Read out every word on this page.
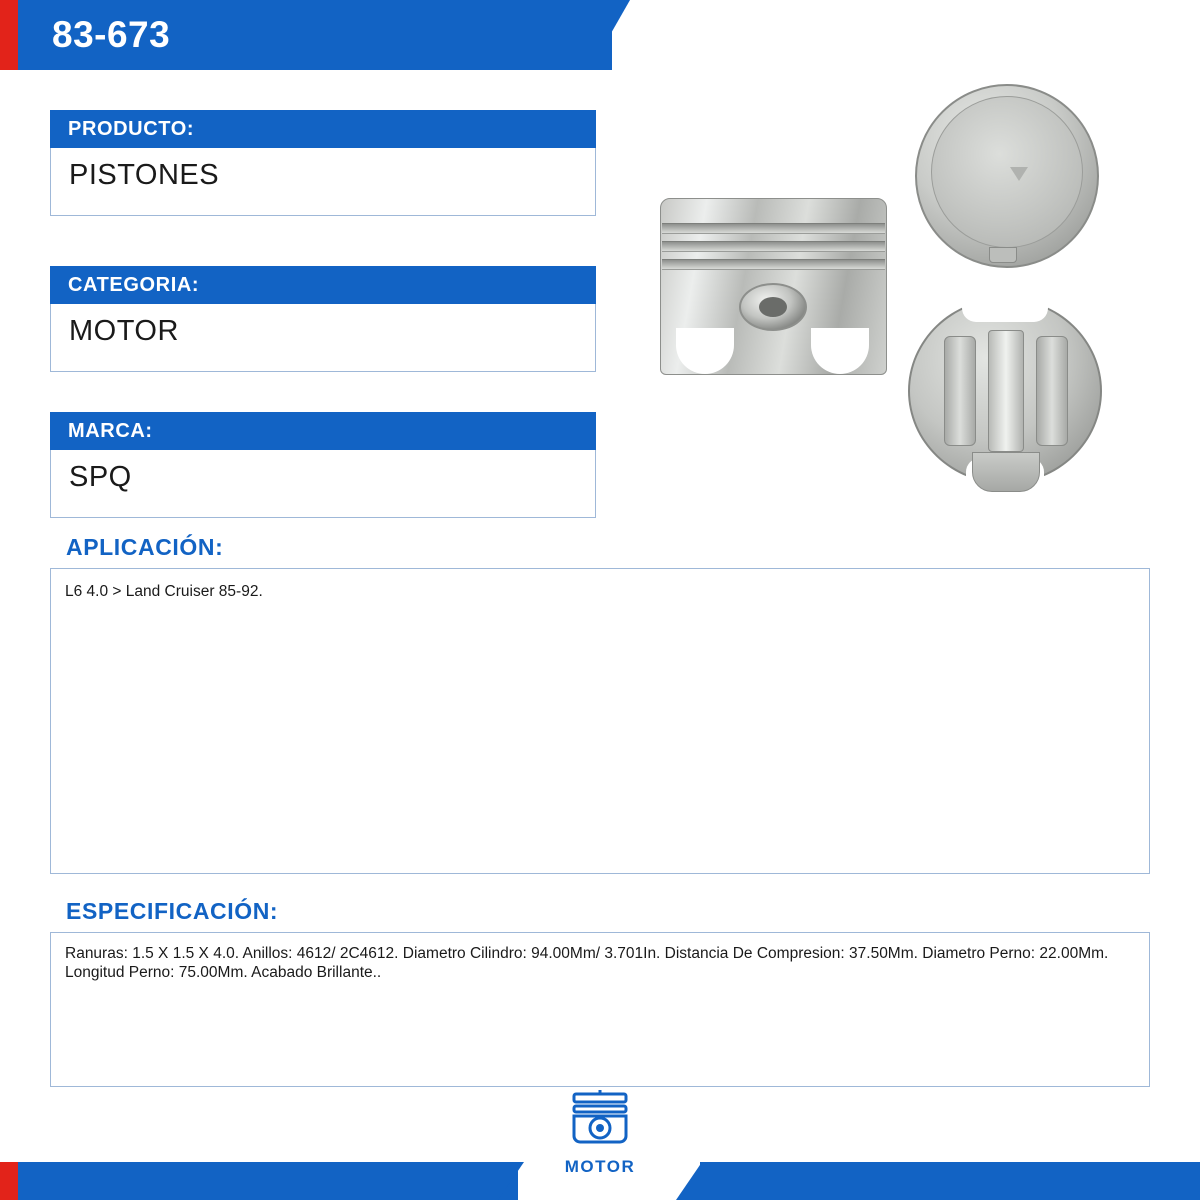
83-673
PRODUCTO:
PISTONES
CATEGORIA:
MOTOR
MARCA:
SPQ
APLICACIÓN:
L6 4.0 > Land Cruiser 85-92.
ESPECIFICACIÓN:
Ranuras: 1.5 X 1.5 X 4.0. Anillos: 4612/ 2C4612. Diametro Cilindro: 94.00Mm/ 3.701In. Distancia De Compresion: 37.50Mm. Diametro Perno: 22.00Mm. Longitud Perno: 75.00Mm. Acabado Brillante..
MOTOR
